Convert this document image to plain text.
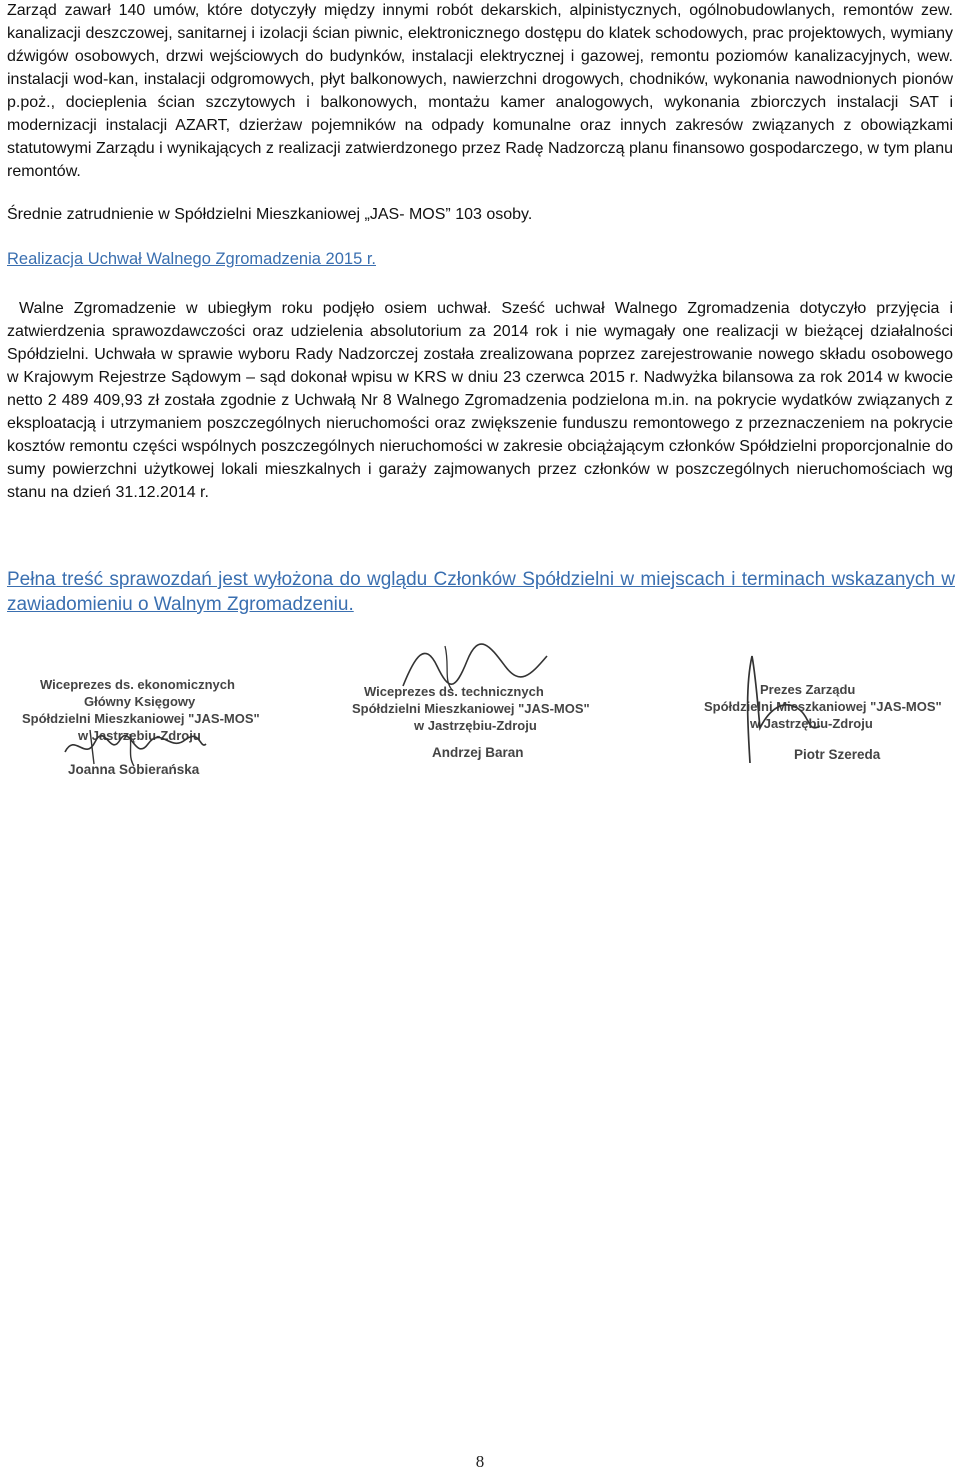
Zarząd zawarł 140 umów, które dotyczyły między innymi robót dekarskich, alpinistycznych, ogólnobudowlanych, remontów zew. kanalizacji deszczowej, sanitarnej i izolacji ścian piwnic, elektronicznego dostępu do klatek schodowych, prac projektowych, wymiany dźwigów osobowych, drzwi wejściowych do budynków, instalacji elektrycznej i gazowej, remontu poziomów kanalizacyjnych, wew. instalacji wod-kan, instalacji odgromowych, płyt balkonowych, nawierzchni drogowych, chodników, wykonania nawodnionych pionów p.poż., docieplenia ścian szczytowych i balkonowych, montażu kamer analogowych, wykonania zbiorczych instalacji SAT i modernizacji instalacji AZART, dzierżaw pojemników na odpady komunalne oraz innych zakresów związanych z obowiązkami statutowymi Zarządu i wynikających z realizacji zatwierdzonego przez Radę Nadzorczą planu finansowo gospodarczego, w tym planu remontów.

Średnie zatrudnienie w Spółdzielni Mieszkaniowej „JAS- MOS” 103 osoby.

Realizacja Uchwał Walnego Zgromadzenia 2015 r.

Walne Zgromadzenie w ubiegłym roku podjęło osiem uchwał. Sześć uchwał Walnego Zgromadzenia dotyczyło przyjęcia i zatwierdzenia sprawozdawczości oraz udzielenia absolutorium za 2014 rok i nie wymagały one realizacji w bieżącej działalności Spółdzielni. Uchwała w sprawie wyboru Rady Nadzorczej została zrealizowana poprzez zarejestrowanie nowego składu osobowego w Krajowym Rejestrze Sądowym – sąd dokonał wpisu w KRS w dniu 23 czerwca 2015 r. Nadwyżka bilansowa za rok 2014 w kwocie netto 2 489 409,93 zł została zgodnie z Uchwałą Nr 8 Walnego Zgromadzenia podzielona m.in. na pokrycie wydatków związanych z eksploatacją i utrzymaniem poszczególnych nieruchomości oraz zwiększenie funduszu remontowego z przeznaczeniem na pokrycie kosztów remontu części wspólnych poszczególnych nieruchomości w zakresie obciążającym członków Spółdzielni proporcjonalnie do sumy powierzchni użytkowej lokali mieszkalnych i garaży zajmowanych przez członków w poszczególnych nieruchomościach wg stanu na dzień 31.12.2014 r.

Pełna treść sprawozdań jest wyłożona do wglądu Członków Spółdzielni w miejscach i terminach wskazanych w zawiadomieniu o Walnym Zgromadzeniu.

Wiceprezes ds. ekonomicznych
Główny Księgowy
Spółdzielni Mieszkaniowej "JAS-MOS"
w Jastrzębiu-Zdroju
Joanna Sobierańska
Wiceprezes ds. technicznych
Spółdzielni Mieszkaniowej "JAS-MOS"
w Jastrzębiu-Zdroju
Andrzej Baran
Prezes Zarządu
Spółdzielni Mieszkaniowej "JAS-MOS"
w Jastrzębiu-Zdroju
Piotr Szereda
8
